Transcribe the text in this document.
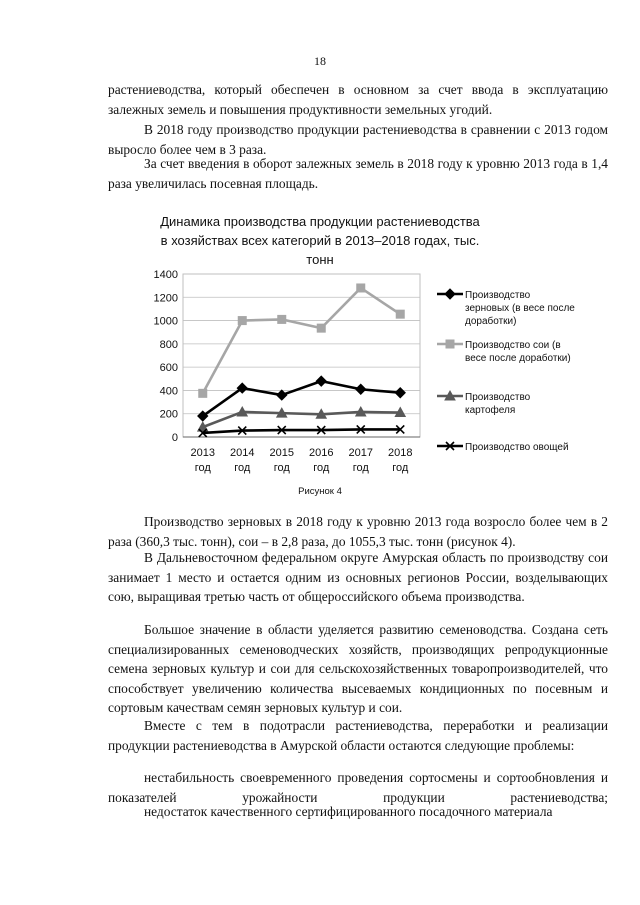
18

растениеводства, который обеспечен в основном за счет ввода в эксплуатацию залежных земель и повышения продуктивности земельных угодий.

В 2018 году производство продукции растениеводства в сравнении с 2013 годом выросло более чем в 3 раза.

За счет введения в оборот залежных земель в 2018 году к уровню 2013 года в 1,4 раза увеличилась посевная площадь.

Динамика производства продукции растениеводства
в хозяйствах всех категорий в 2013–2018 годах, тыс. тонн
0
200
400
600
800
1000
1200
1400
2013 год
2014 год
2015 год
2016 год
2017 год
2018 год
Производство зерновых (в весе после доработки)
Производство сои (в весе после доработки)
Производство картофеля
Производство овощей
Рисунок 4

Производство зерновых в 2018 году к уровню 2013 года возросло более чем в 2 раза (360,3 тыс. тонн), сои – в 2,8 раза, до 1055,3 тыс. тонн (рисунок 4).

В Дальневосточном федеральном округе Амурская область по производству сои занимает 1 место и остается одним из основных регионов России, возделывающих сою, выращивая третью часть от общероссийского объема производства.

Большое значение в области уделяется развитию семеноводства. Создана сеть специализированных семеноводческих хозяйств, производящих репродукционные семена зерновых культур и сои для сельскохозяйственных товаропроизводителей, что способствует увеличению количества высеваемых кондиционных по посевным и сортовым качествам семян зерновых культур и сои.

Вместе с тем в подотрасли растениеводства, переработки и реализации продукции растениеводства в Амурской области остаются следующие проблемы:

нестабильность своевременного проведения сортосмены и сортообновления и показателей урожайности продукции растениеводства;

недостаток качественного сертифицированного посадочного материала
